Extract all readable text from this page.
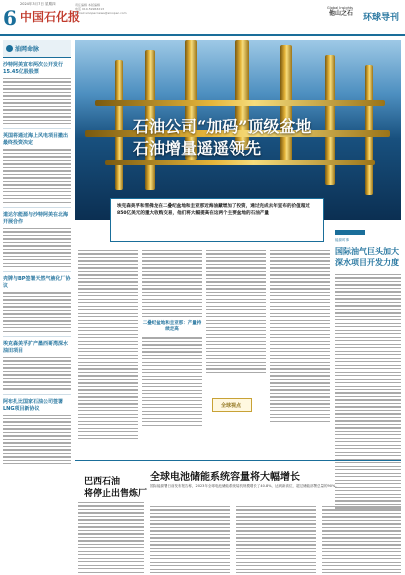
6
2024年3月7日 星期四
中国石化报
责任编辑 本版编辑
电话 010-59963213
E-mail sinopecnews@sinopec.com
Global Insights
他山之石 环球导刊
油网命脉
沙特阿美宣布两次公开发行15.45亿股股票
英国将通过海上风电项目撤出最终投资决定
道达尔能源与沙特阿美在北海开展合作
壳牌与BP签署天然气液化厂协议
埃克森美孚扩产墨西哥湾深水油田项目
阿布扎比国家石油公司签署LNG项目新协议
石油公司“加码”顶级盆地
石油增量遥遥领先

埃克森美孚和雪佛龙在二叠纪盆地和圭亚那近海油藏增加了投资，通过完成去年宣布的价值超过850亿美元的重大收购交易，他们将大幅提高在这两个主要盆地的石油产量

二叠纪盆地和圭亚那：产量持续走高
能源时事
国际油气巨头加大
深水项目开发力度
全球视点
巴西石油
将停止出售炼厂
全球电池储能系统容量将大幅增长
国际能源署日前发布报告称，2023年全球电池储能系统装机规模增长了40.8%，达到新高位，超过储能部署总量的90%。
